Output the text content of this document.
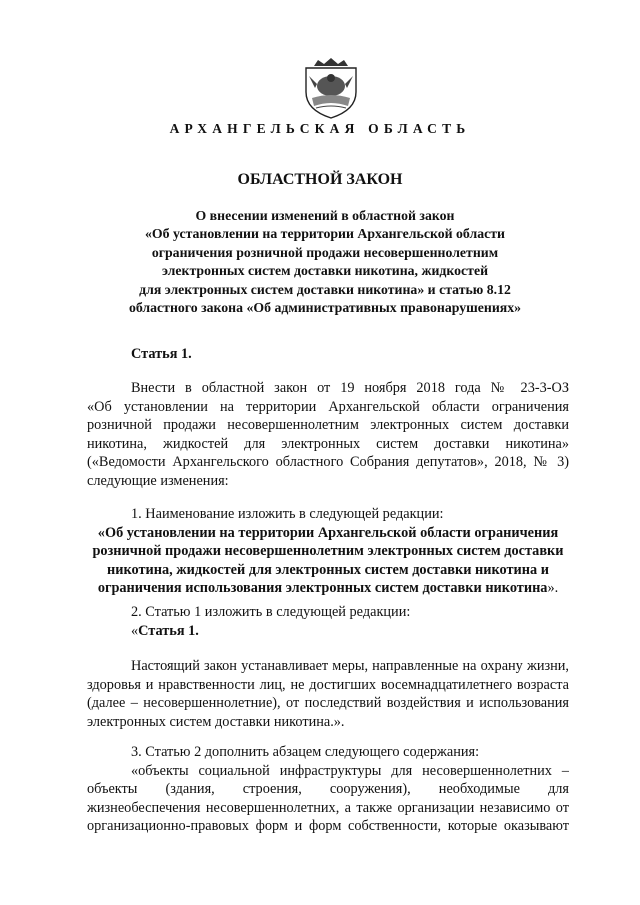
АРХАНГЕЛЬСКАЯ ОБЛАСТЬ
ОБЛАСТНОЙ ЗАКОН
О внесении изменений в областной закон
«Об установлении на территории Архангельской области
ограничения розничной продажи несовершеннолетним
электронных систем доставки никотина, жидкостей
для электронных систем доставки никотина» и статью 8.12
областного закона «Об административных правонарушениях»
Статья 1.
Внести в областной закон от 19 ноября 2018 года № 23-3-ОЗ
«Об установлении на территории Архангельской области ограничения
розничной продажи несовершеннолетним электронных систем доставки
никотина, жидкостей для электронных систем доставки никотина»
(«Ведомости Архангельского областного Собрания депутатов», 2018, № 3)
следующие изменения:
1. Наименование изложить в следующей редакции:
«Об установлении на территории Архангельской области ограничения
розничной продажи несовершеннолетним электронных систем доставки
никотина, жидкостей для электронных систем доставки никотина и
ограничения использования электронных систем доставки никотина».
2. Статью 1 изложить в следующей редакции:
«Статья 1.
Настоящий закон устанавливает меры, направленные на охрану жизни,
здоровья и нравственности лиц, не достигших восемнадцатилетнего возраста
(далее – несовершеннолетние), от последствий воздействия и использования
электронных систем доставки никотина.».
3. Статью 2 дополнить абзацем следующего содержания:
«объекты социальной инфраструктуры для несовершеннолетних –
объекты (здания, строения, сооружения), необходимые для
жизнеобеспечения несовершеннолетних, а также организации независимо от
организационно-правовых форм и форм собственности, которые оказывают
